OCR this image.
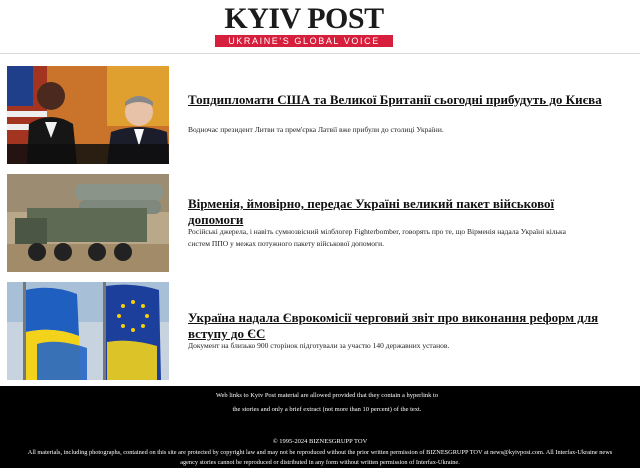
KYIV POST
UKRAINE'S GLOBAL VOICE
Топдипломати США та Великої Британії сьогодні прибудуть до Києва
Водночас президент Литви та прем'єрка Латвії вже прибули до столиці України.
Вірменія, ймовірно, передає Україні великий пакет військової допомоги
Російські джерела, і навіть сумнозвісний мілблогер Fighterbomber, говорять про те, що Вірменія надала Україні кілька систем ППО у межах потужного пакету військової допомоги.
Україна надала Єврокомісії черговий звіт про виконання реформ для вступу до ЄС
Документ на близько 900 сторінок підготували за участю 140 державних установ.
Web links to Kyiv Post material are allowed provided that they contain a hyperlink to the stories and only a brief extract (not more than 10 percent) of the text.
© 1995-2024 BIZNESGRUPP TOV
All materials, including photographs, contained on this site are protected by copyright law and may not be reproduced without the prior written permission of BIZNESGRUPP TOV at news@kyivpost.com. All Interfax-Ukraine news agency stories cannot be reproduced or distributed in any form without written permission of Interfax-Ukraine.
